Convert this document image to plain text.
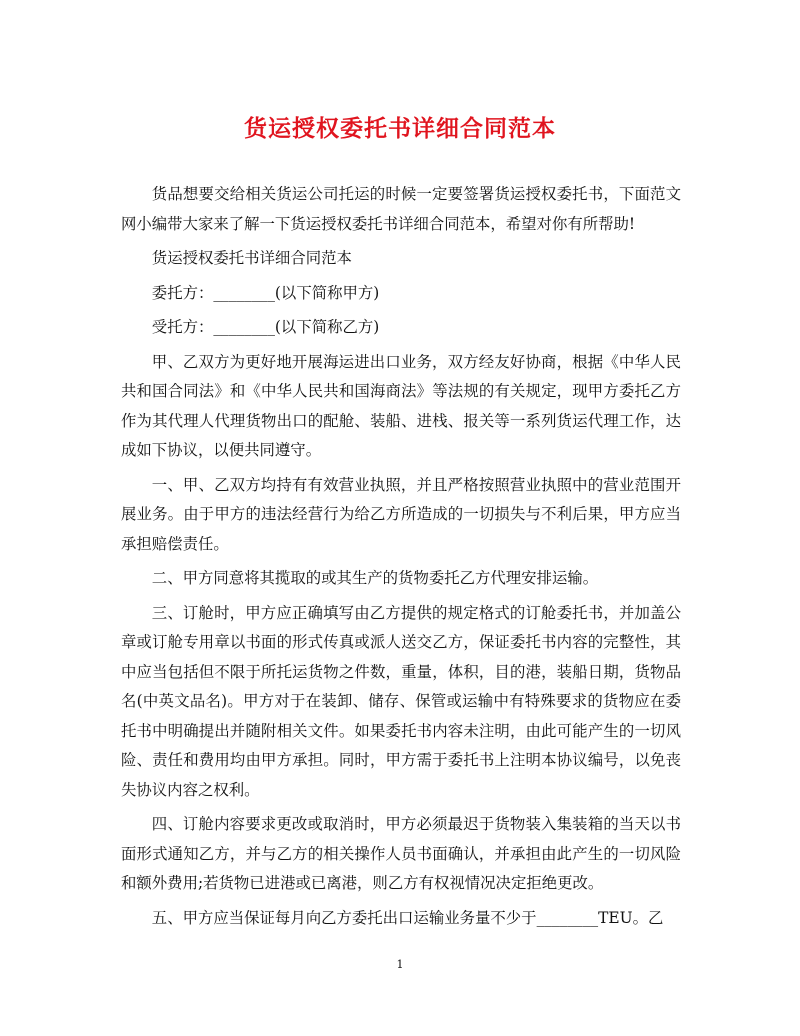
货运授权委托书详细合同范本

货品想要交给相关货运公司托运的时候一定要签署货运授权委托书，下面范文网小编带大家来了解一下货运授权委托书详细合同范本，希望对你有所帮助!

货运授权委托书详细合同范本

委托方：________(以下简称甲方)

受托方：________(以下简称乙方)

甲、乙双方为更好地开展海运进出口业务，双方经友好协商，根据《中华人民共和国合同法》和《中华人民共和国海商法》等法规的有关规定，现甲方委托乙方作为其代理人代理货物出口的配舱、装船、进栈、报关等一系列货运代理工作，达成如下协议，以便共同遵守。

一、甲、乙双方均持有有效营业执照，并且严格按照营业执照中的营业范围开展业务。由于甲方的违法经营行为给乙方所造成的一切损失与不利后果，甲方应当承担赔偿责任。

二、甲方同意将其揽取的或其生产的货物委托乙方代理安排运输。

三、订舱时，甲方应正确填写由乙方提供的规定格式的订舱委托书，并加盖公章或订舱专用章以书面的形式传真或派人送交乙方，保证委托书内容的完整性，其中应当包括但不限于所托运货物之件数，重量，体积，目的港，装船日期，货物品名(中英文品名)。甲方对于在装卸、储存、保管或运输中有特殊要求的货物应在委托书中明确提出并随附相关文件。如果委托书内容未注明，由此可能产生的一切风险、责任和费用均由甲方承担。同时，甲方需于委托书上注明本协议编号，以免丧失协议内容之权利。

四、订舱内容要求更改或取消时，甲方必须最迟于货物装入集装箱的当天以书面形式通知乙方，并与乙方的相关操作人员书面确认，并承担由此产生的一切风险和额外费用;若货物已进港或已离港，则乙方有权视情况决定拒绝更改。

五、甲方应当保证每月向乙方委托出口运输业务量不少于________TEU。乙

1
